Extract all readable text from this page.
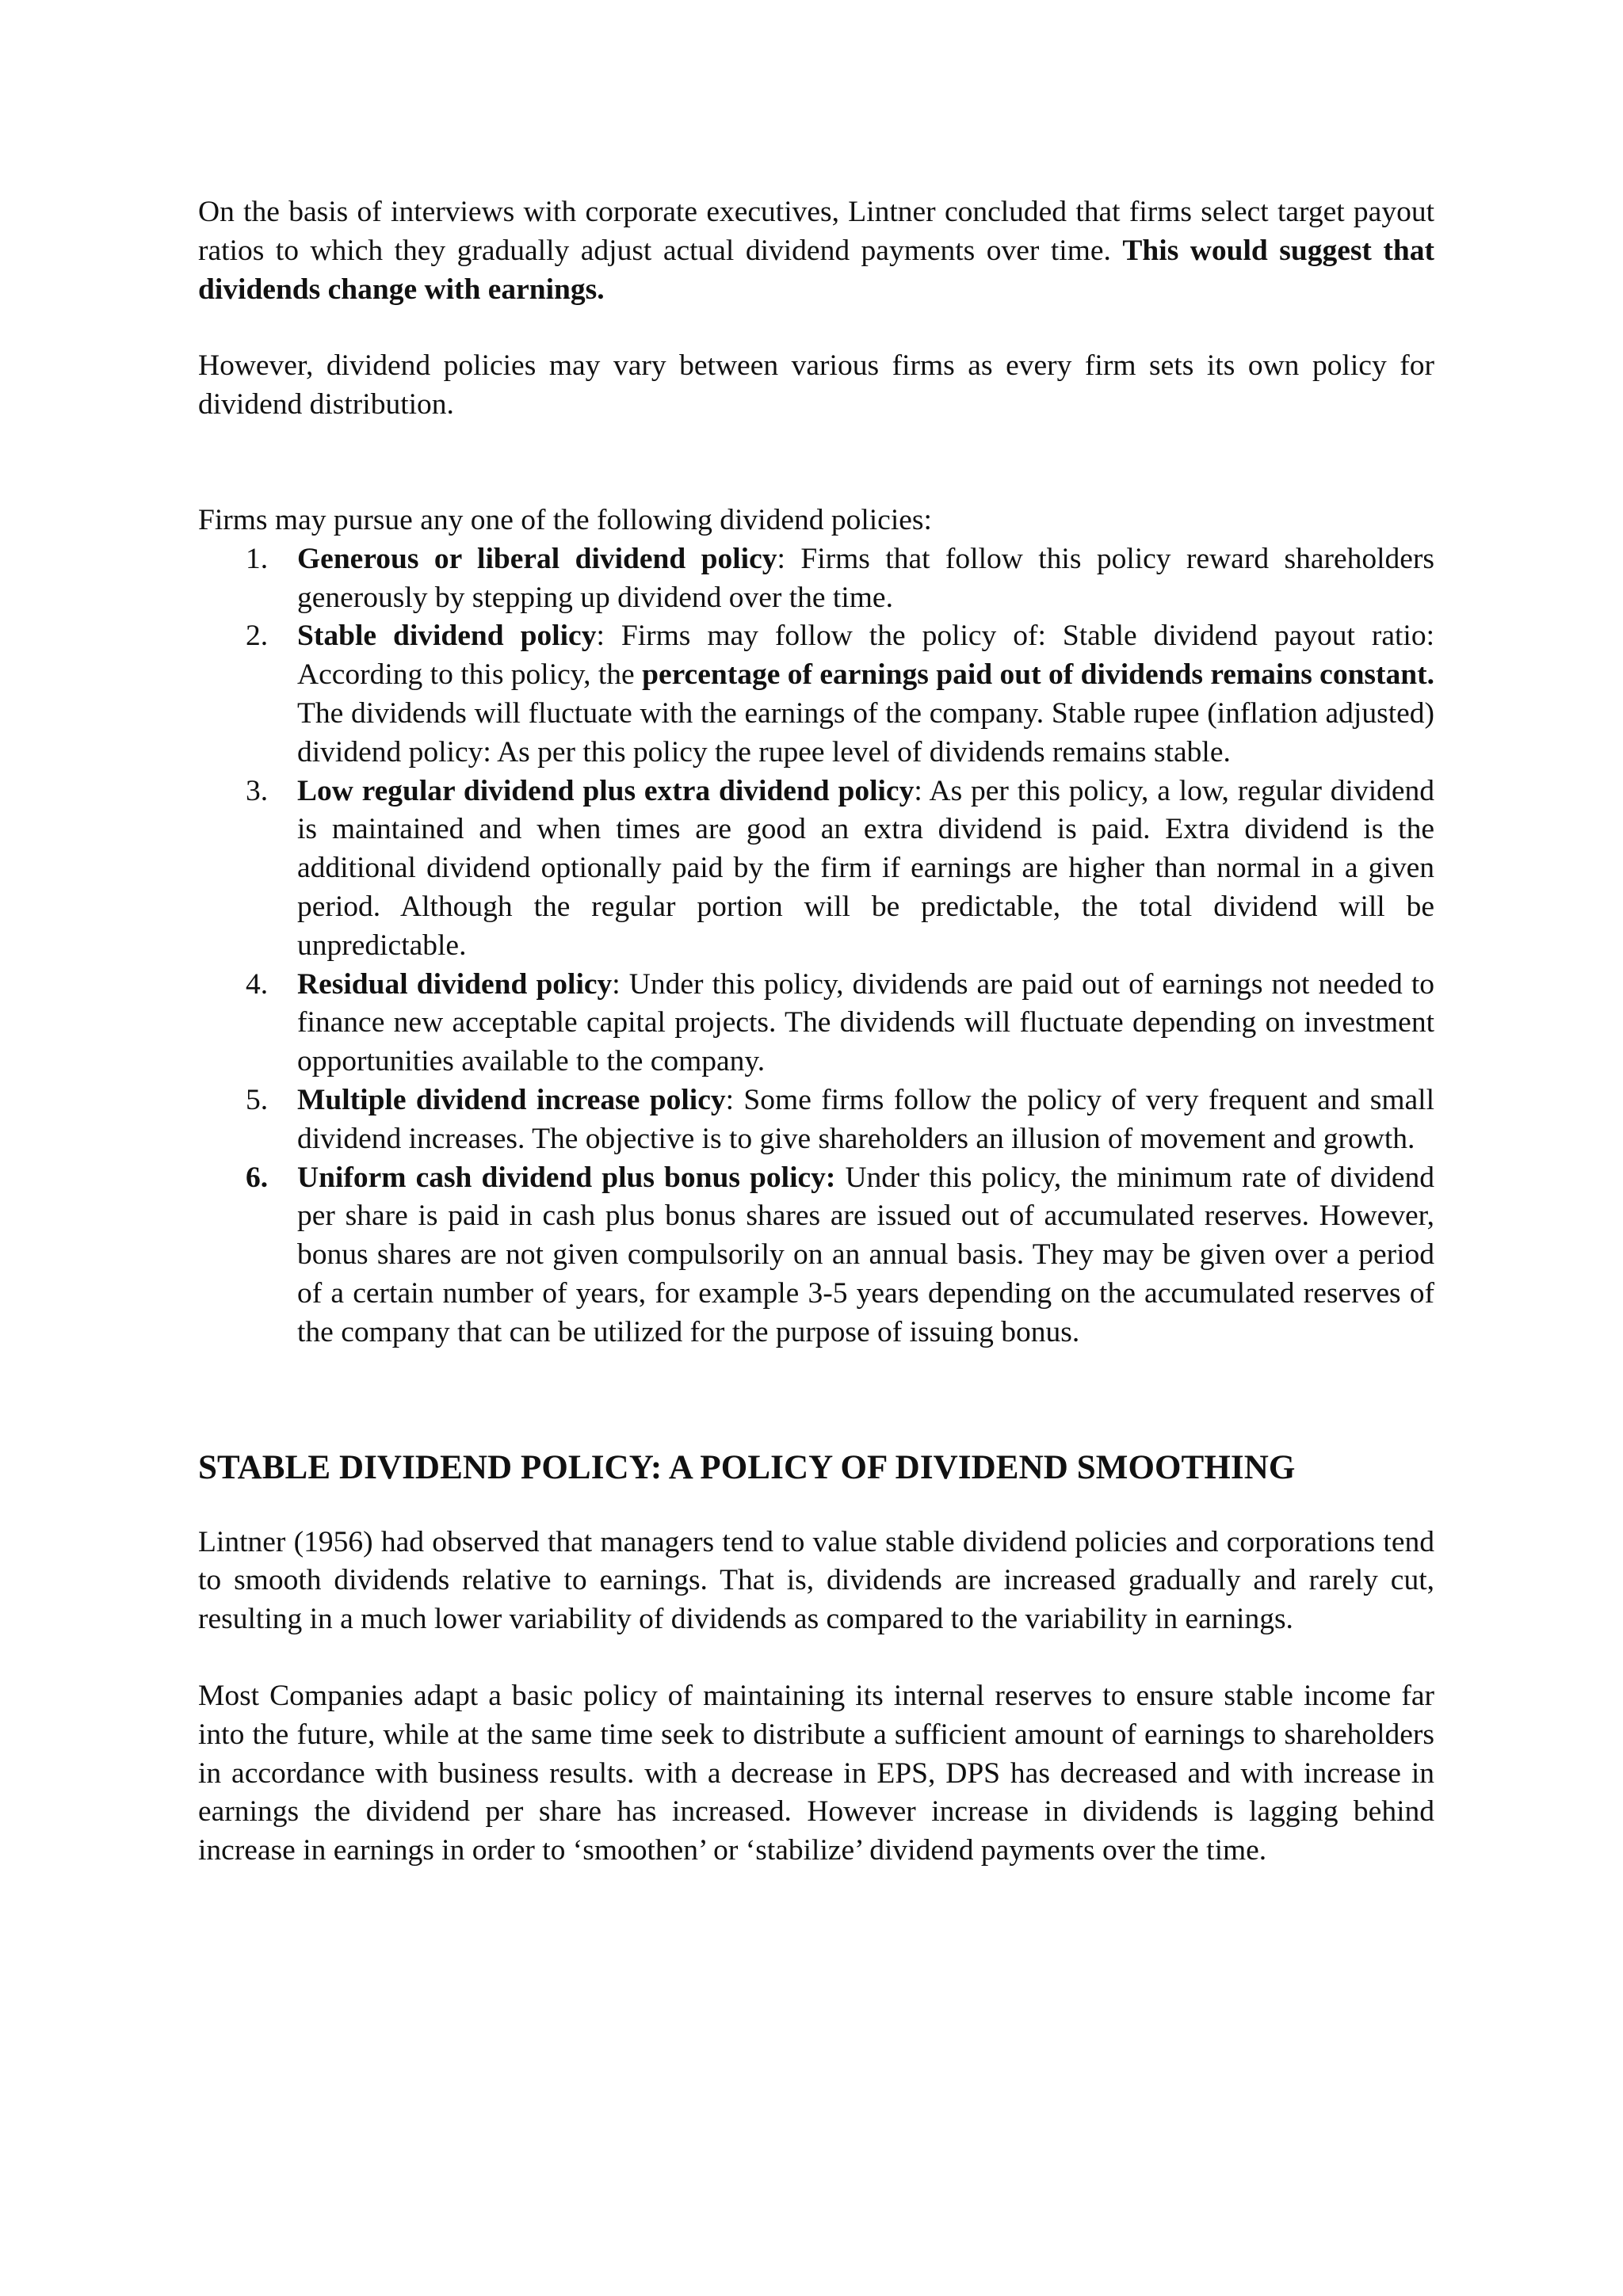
On the basis of interviews with corporate executives, Lintner concluded that firms select target payout ratios to which they gradually adjust actual dividend payments over time. This would suggest that dividends change with earnings.

However, dividend policies may vary between various firms as every firm sets its own policy for dividend distribution.

Firms may pursue any one of the following dividend policies:

1. Generous or liberal dividend policy: Firms that follow this policy reward shareholders generously by stepping up dividend over the time.
2. Stable dividend policy: Firms may follow the policy of: Stable dividend payout ratio: According to this policy, the percentage of earnings paid out of dividends remains constant. The dividends will fluctuate with the earnings of the company. Stable rupee (inflation adjusted) dividend policy: As per this policy the rupee level of dividends remains stable.
3. Low regular dividend plus extra dividend policy: As per this policy, a low, regular dividend is maintained and when times are good an extra dividend is paid. Extra dividend is the additional dividend optionally paid by the firm if earnings are higher than normal in a given period. Although the regular portion will be predictable, the total dividend will be unpredictable.
4. Residual dividend policy: Under this policy, dividends are paid out of earnings not needed to finance new acceptable capital projects. The dividends will fluctuate depending on investment opportunities available to the company.
5. Multiple dividend increase policy: Some firms follow the policy of very frequent and small dividend increases. The objective is to give shareholders an illusion of movement and growth.
6. Uniform cash dividend plus bonus policy: Under this policy, the minimum rate of dividend per share is paid in cash plus bonus shares are issued out of accumulated reserves. However, bonus shares are not given compulsorily on an annual basis. They may be given over a period of a certain number of years, for example 3-5 years depending on the accumulated reserves of the company that can be utilized for the purpose of issuing bonus.
STABLE DIVIDEND POLICY: A POLICY OF DIVIDEND SMOOTHING

Lintner (1956) had observed that managers tend to value stable dividend policies and corporations tend to smooth dividends relative to earnings. That is, dividends are increased gradually and rarely cut, resulting in a much lower variability of dividends as compared to the variability in earnings.

Most Companies adapt a basic policy of maintaining its internal reserves to ensure stable income far into the future, while at the same time seek to distribute a sufficient amount of earnings to shareholders in accordance with business results. with a decrease in EPS, DPS has decreased and with increase in earnings the dividend per share has increased. However increase in dividends is lagging behind increase in earnings in order to ‘smoothen’ or ‘stabilize’ dividend payments over the time.
